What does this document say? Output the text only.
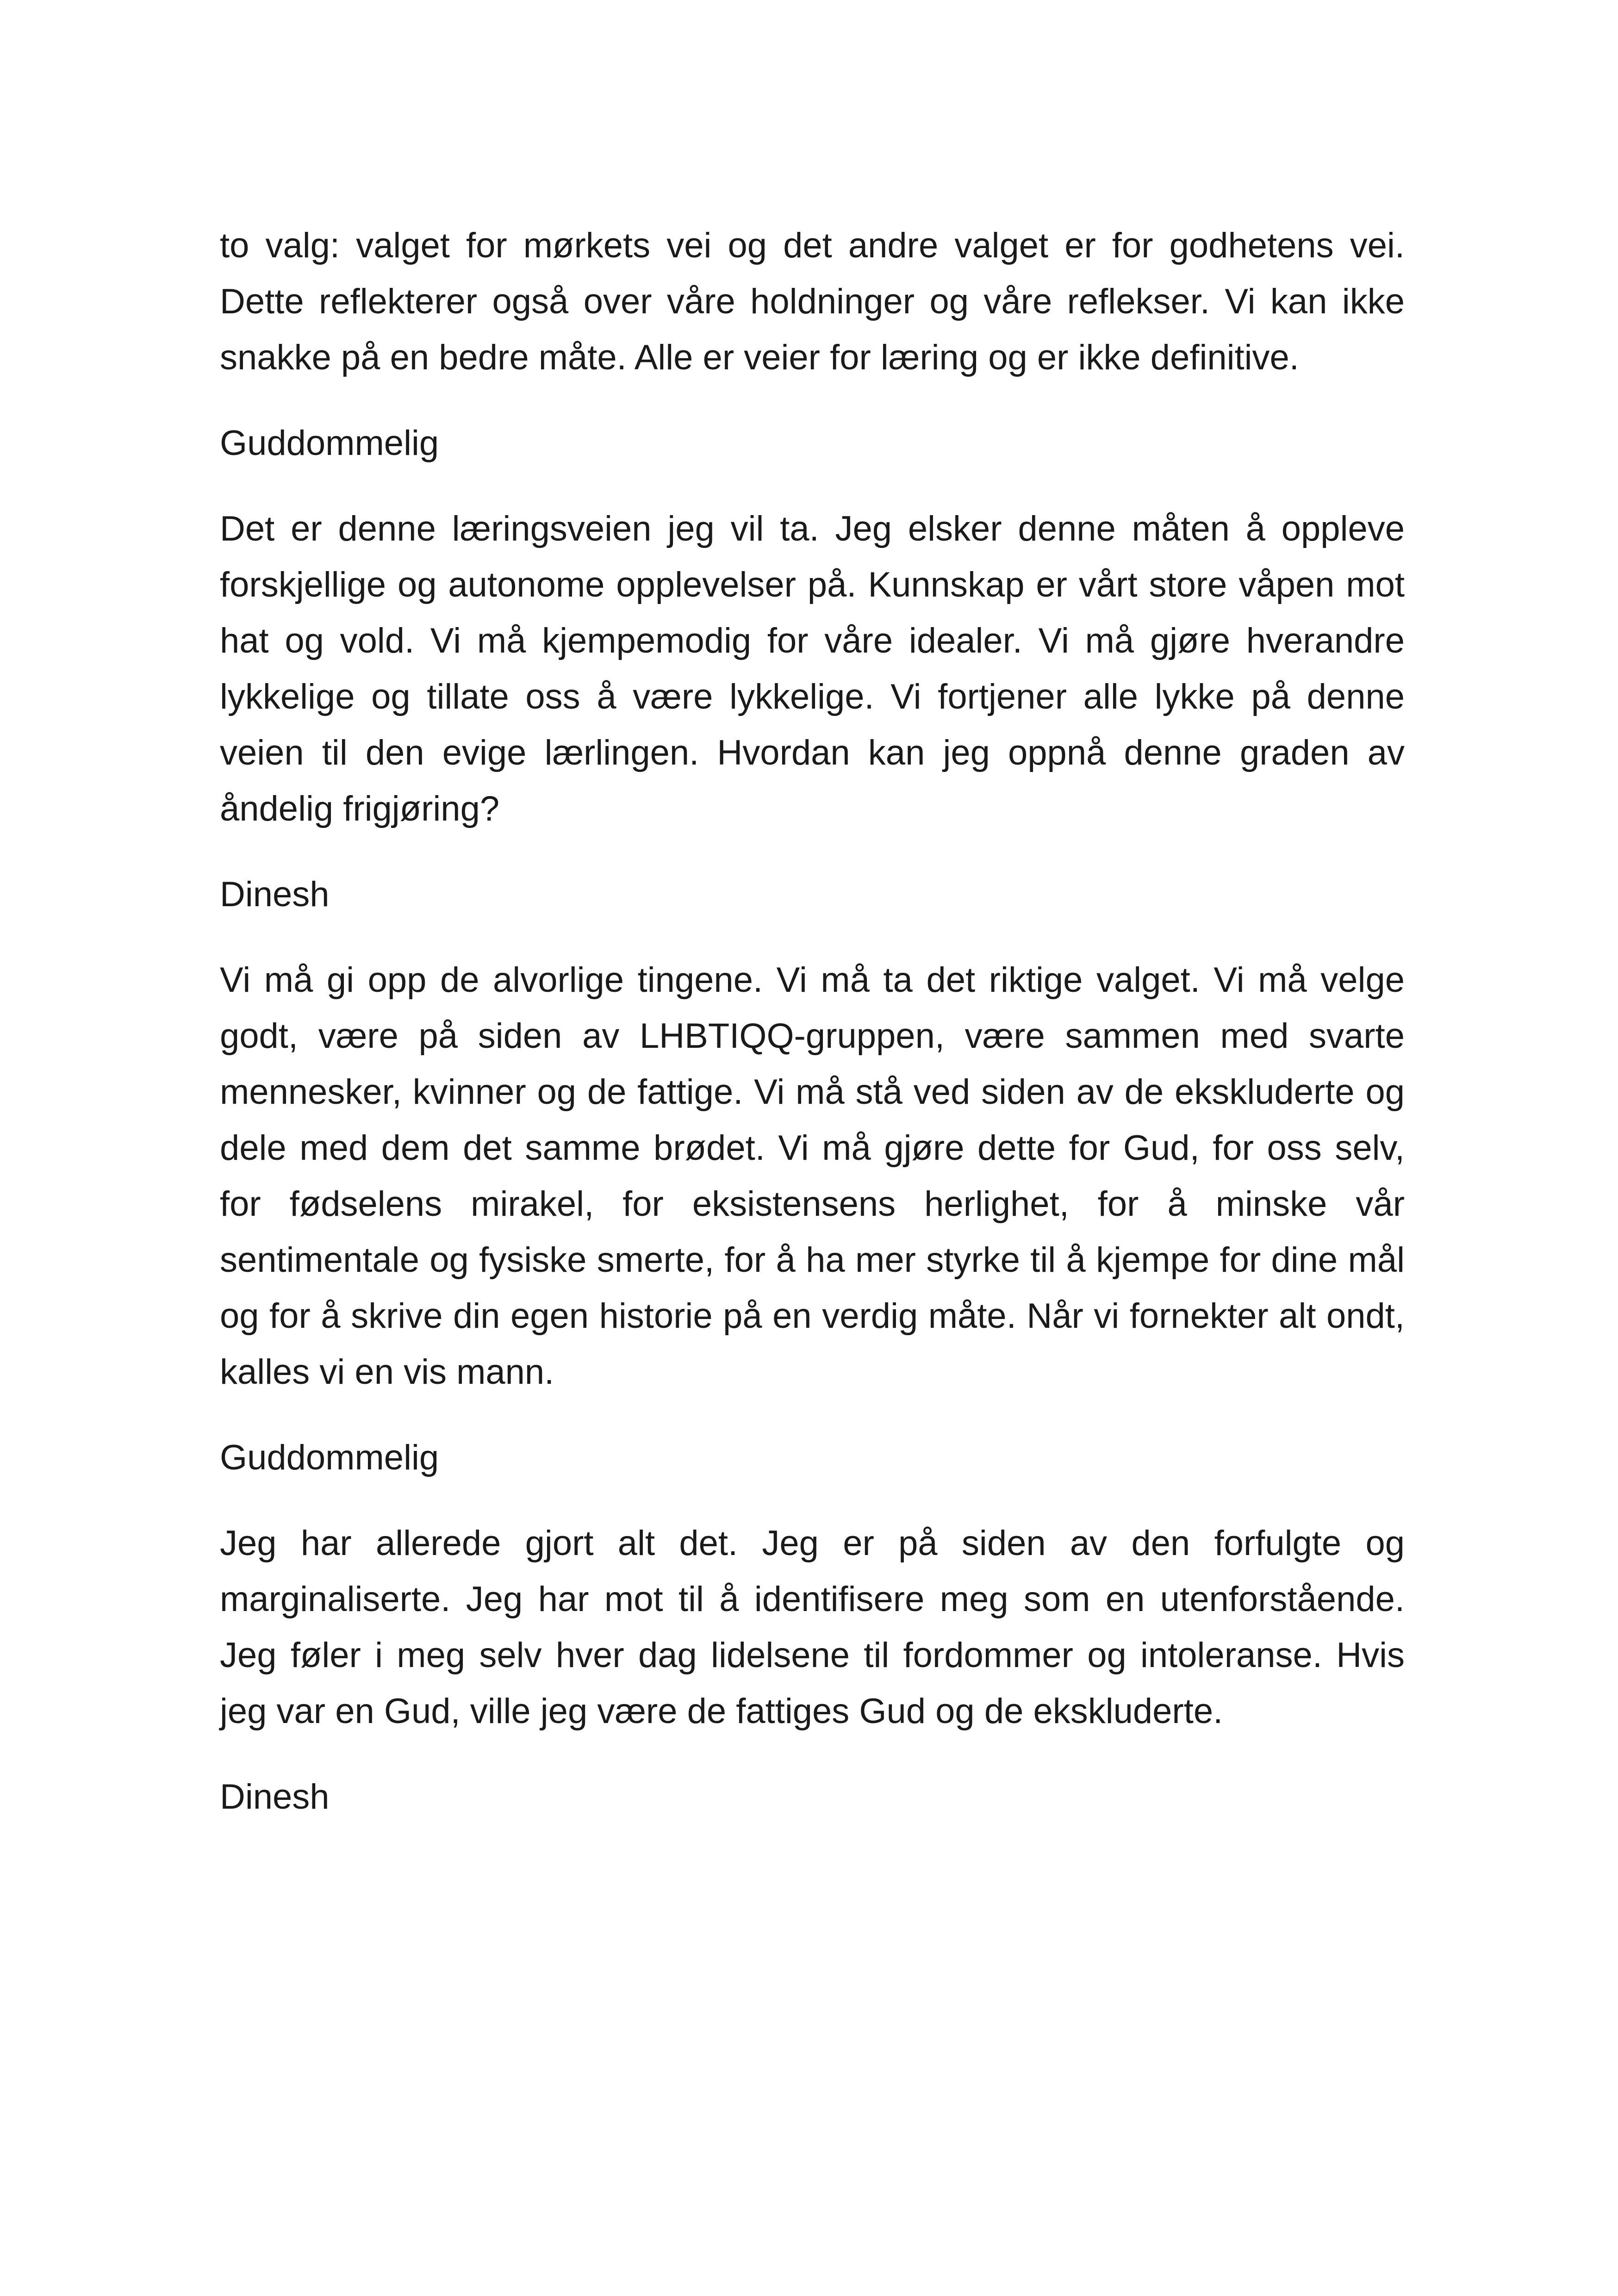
to valg: valget for mørkets vei og det andre valget er for godhetens vei. Dette reflekterer også over våre holdninger og våre reflekser. Vi kan ikke snakke på en bedre måte. Alle er veier for læring og er ikke definitive.

Guddommelig

Det er denne læringsveien jeg vil ta. Jeg elsker denne måten å oppleve forskjellige og autonome opplevelser på. Kunnskap er vårt store våpen mot hat og vold. Vi må kjempemodig for våre idealer. Vi må gjøre hverandre lykkelige og tillate oss å være lykkelige. Vi fortjener alle lykke på denne veien til den evige lærlingen. Hvordan kan jeg oppnå denne graden av åndelig frigjøring?

Dinesh

Vi må gi opp de alvorlige tingene. Vi må ta det riktige valget. Vi må velge godt, være på siden av LHBTIQQ-gruppen, være sammen med svarte mennesker, kvinner og de fattige. Vi må stå ved siden av de ekskluderte og dele med dem det samme brødet. Vi må gjøre dette for Gud, for oss selv, for fødselens mirakel, for eksistensens herlighet, for å minske vår sentimentale og fysiske smerte, for å ha mer styrke til å kjempe for dine mål og for å skrive din egen historie på en verdig måte. Når vi fornekter alt ondt, kalles vi en vis mann.

Guddommelig

Jeg har allerede gjort alt det. Jeg er på siden av den forfulgte og marginaliserte. Jeg har mot til å identifisere meg som en utenforstående. Jeg føler i meg selv hver dag lidelsene til fordommer og intoleranse. Hvis jeg var en Gud, ville jeg være de fattiges Gud og de ekskluderte.

Dinesh
